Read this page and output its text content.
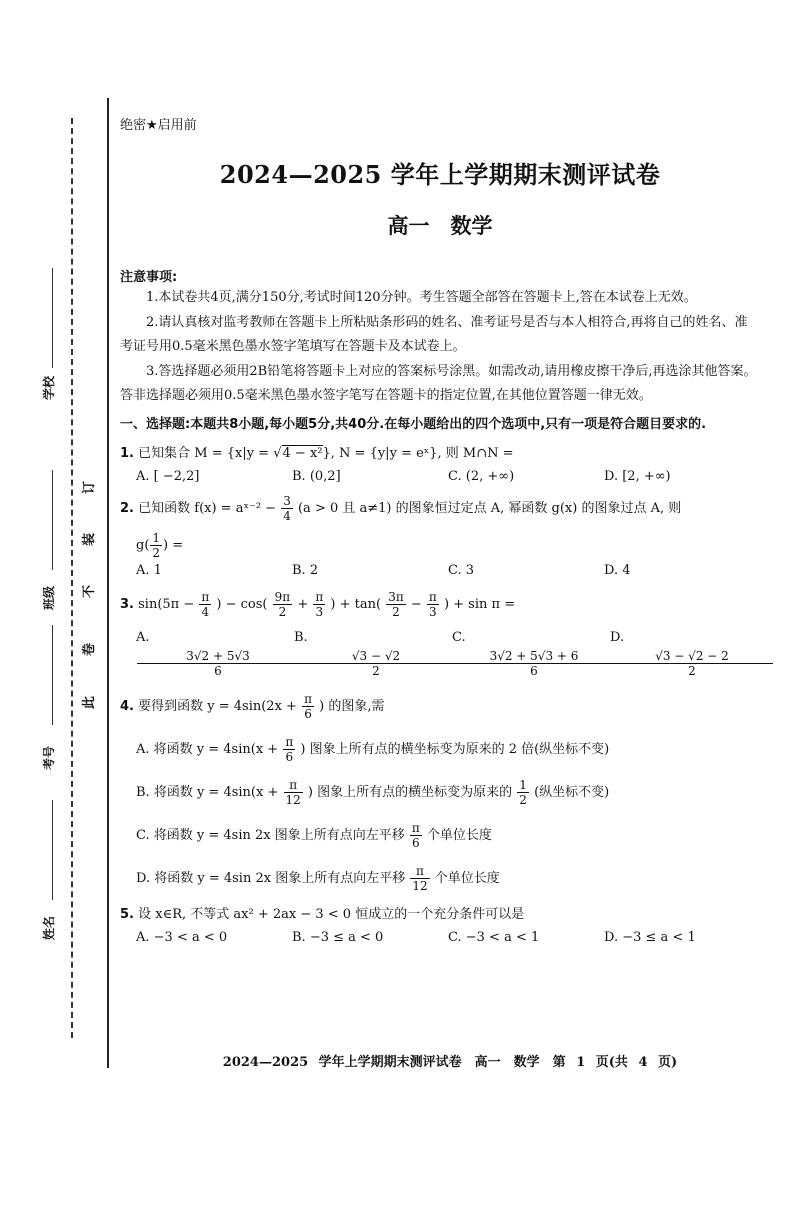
学校
班级
考号
姓名
订
装
不
卷
此
绝密★启用前
2024—2025 学年上学期期末测评试卷
高一　数学
注意事项:
1.本试卷共4页,满分150分,考试时间120分钟。考生答题全部答在答题卡上,答在本试卷上无效。
2.请认真核对监考教师在答题卡上所粘贴条形码的姓名、准考证号是否与本人相符合,再将自己的姓名、准考证号用0.5毫米黑色墨水签字笔填写在答题卡及本试卷上。
3.答选择题必须用2B铅笔将答题卡上对应的答案标号涂黑。如需改动,请用橡皮擦干净后,再选涂其他答案。答非选择题必须用0.5毫米黑色墨水签字笔写在答题卡的指定位置,在其他位置答题一律无效。
一、选择题:本题共8小题,每小题5分,共40分.在每小题给出的四个选项中,只有一项是符合题目要求的.
1. 已知集合 M = {x|y = √4 − x²}, N = {y|y = eˣ}, 则 M∩N =
A. [ −2,2]	B. (0,2]	C. (2, +∞)	D. [2, +∞)
2. 已知函数 f(x) = aˣ⁻² − $\frac{3}{4} (a > 0$ 且 a≠1) 的图象恒过定点 A, 幂函数 g(x) 的图象过点 A, 则
$g( \frac{1}{2}$ ) =
A. 1	B. 2	C. 3	D. 4
3. $\sin(5\pi - \frac{\pi}{4}$ ) − $\cos( \frac{9\pi}{2} + \frac{\pi}{3}$ ) + $\tan( \frac{3\pi}{2} - \frac{\pi}{3}$ ) + sin π =
$A.\frac{3√2 + 5√3}{6}$
$B.\frac{√3 - √2}{2}$
$C.\frac{3√2 + 5√3 + 6}{6}$
$D.\frac{√3 - √2 - 2}{2}$
4. 要得到函数 $y = 4\sin(2x + \frac{\pi}{6}$ ) 的图象,需
A. 将函数 $y = 4\sin(x + \frac{\pi}{6}$ ) 图象上所有点的横坐标变为原来的 2 倍(纵坐标不变)
B. 将函数 $y = 4\sin(x + \frac{\pi}{12}$ ) 图象上所有点的横坐标变为原来的 $\frac{1}{2}$ (纵坐标不变)
C. 将函数 y = 4sin 2x 图象上所有点向左平移 $\frac{\pi}{6}$ 个单位长度
D. 将函数 y = 4sin 2x 图象上所有点向左平移 $\frac{\pi}{12}$ 个单位长度
5. 设 x∈R, 不等式 ax² + 2ax − 3 < 0 恒成立的一个充分条件可以是
A. −3 < a < 0	B. −3 ≤ a < 0	C. −3 < a < 1	D. −3 ≤ a < 1
2024—2025 学年上学期期末测评试卷　高一　数学　第 1 页(共 4 页)
